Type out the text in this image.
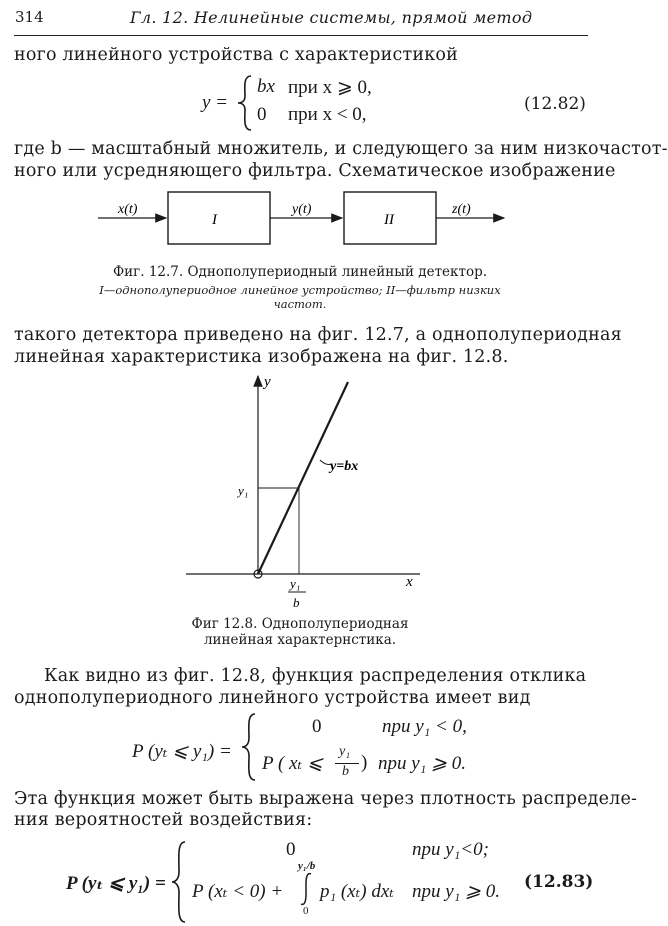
314	Гл. 12. Нелинейные системы, прямой метод
ного линейного устройства с характеристикой
y =
bx при x ⩾ 0,
0 при x < 0,	(12.82)
где b — масштабный множитель, и следующего за ним низкочастот-
ного или усредняющего фильтра. Схематическое изображение
x(t)
I
y(t)
II
z(t)
Фиг. 12.7. Однополупериодный линейный детектор.
I—однополупериодное линейное устройство; II—фильтр низких
частот.
такого детектора приведено на фиг. 12.7, а однополупериодная
линейная характеристика изображена на фиг. 12.8.
y
x
y=bx
y₁
y₁
b
Фиг 12.8. Однополупериодная
линейная характернстика.
Как видно из фиг. 12.8, функция распределения отклика
однополупериодного линейного устройства имеет вид
P (yₜ ⩽ y₁) =
0	при y₁ < 0,
P ( xₜ ⩽
y₁
b ) при y₁ ⩾ 0.
Эта функция может быть выражена через плотность распределе-
ния вероятностей воздействия:
P (yₜ ⩽ y₁) =
0	при y₁<0;
P (xₜ < 0) +
y₁/b
0
p₁ (xₜ) dxₜ при y₁ ⩾ 0. (12.83)
